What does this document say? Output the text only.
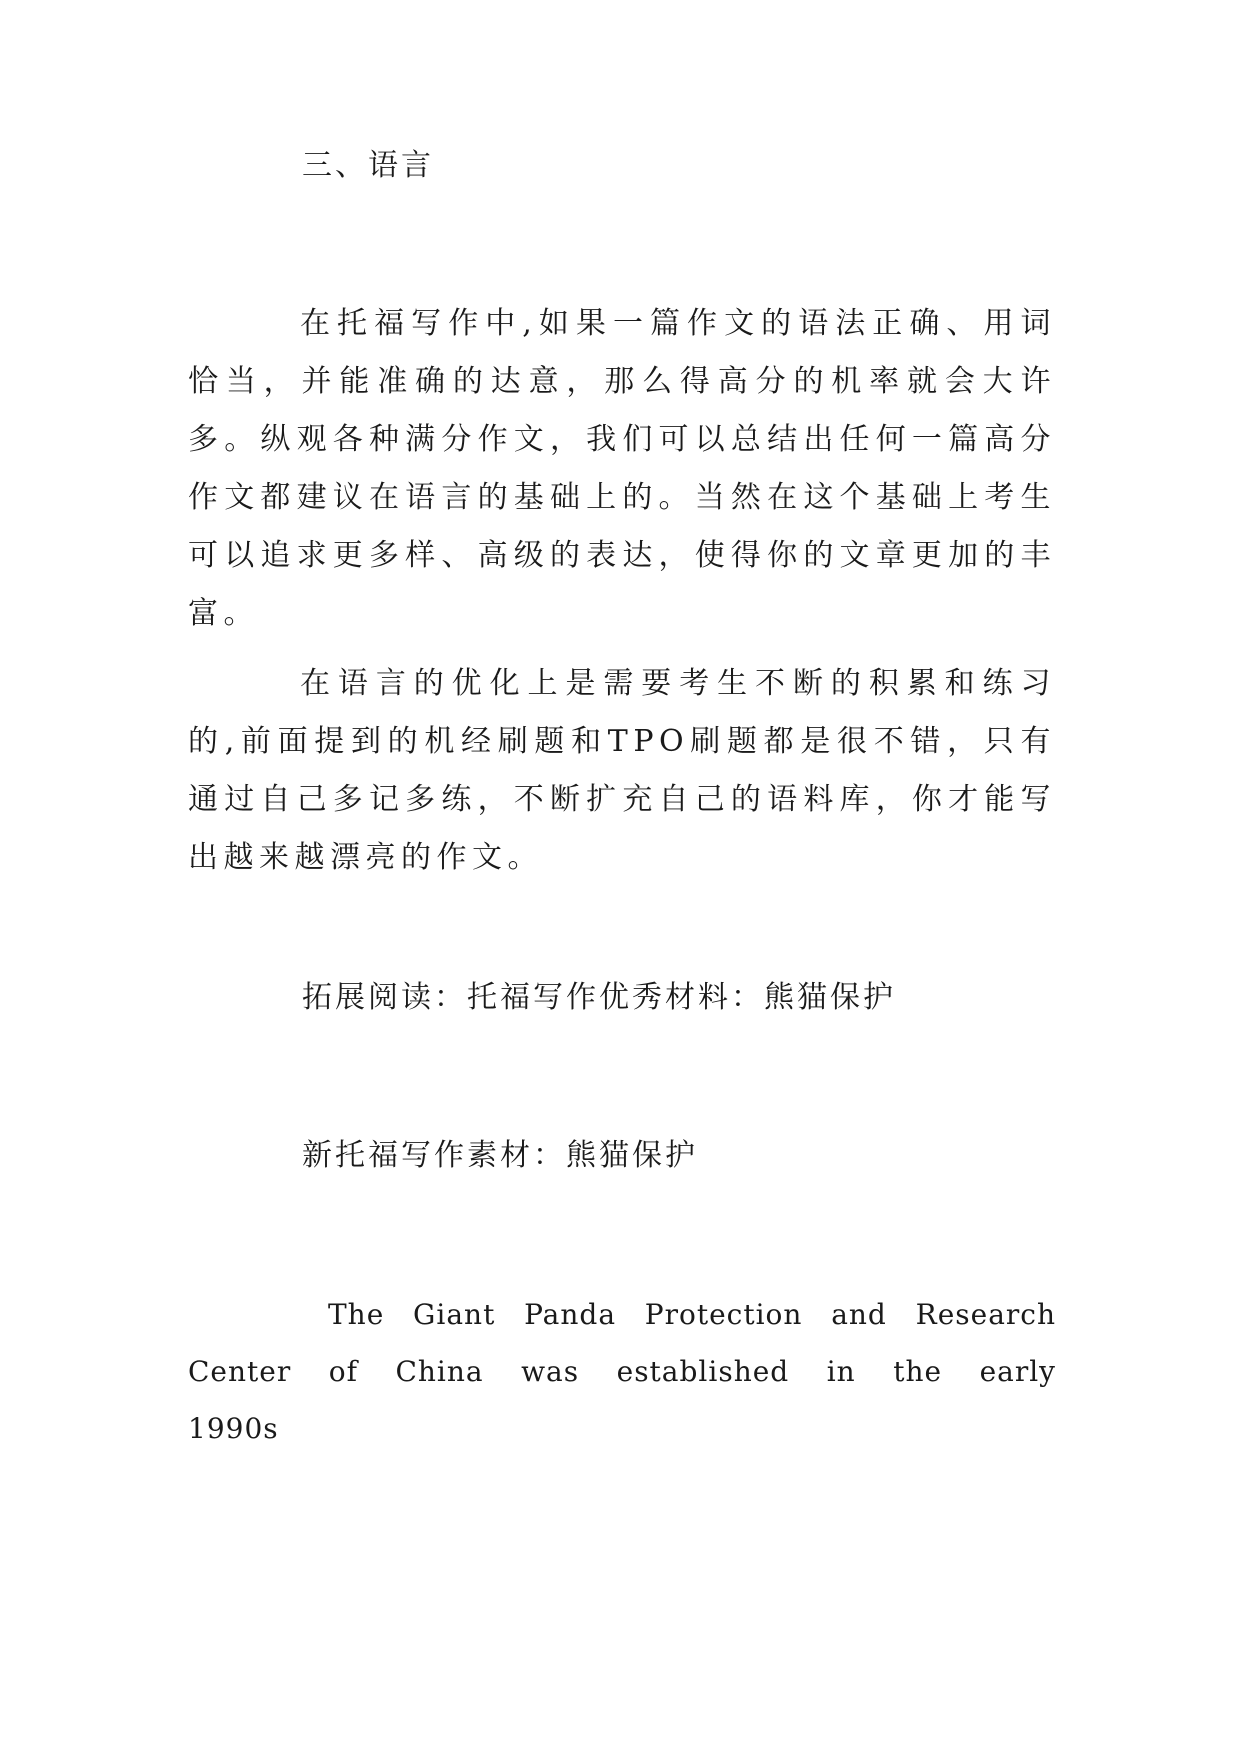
三、语言

在托福写作中,如果一篇作文的语法正确、用词恰当，并能准确的达意，那么得高分的机率就会大许多。纵观各种满分作文，我们可以总结出任何一篇高分作文都建议在语言的基础上的。当然在这个基础上考生可以追求更多样、高级的表达，使得你的文章更加的丰富。

在语言的优化上是需要考生不断的积累和练习的,前面提到的机经刷题和TPO刷题都是很不错，只有通过自己多记多练，不断扩充自己的语料库，你才能写出越来越漂亮的作文。

拓展阅读：托福写作优秀材料：熊猫保护

新托福写作素材：熊猫保护

The Giant Panda Protection and Research Center of China was established in the early 1990s
